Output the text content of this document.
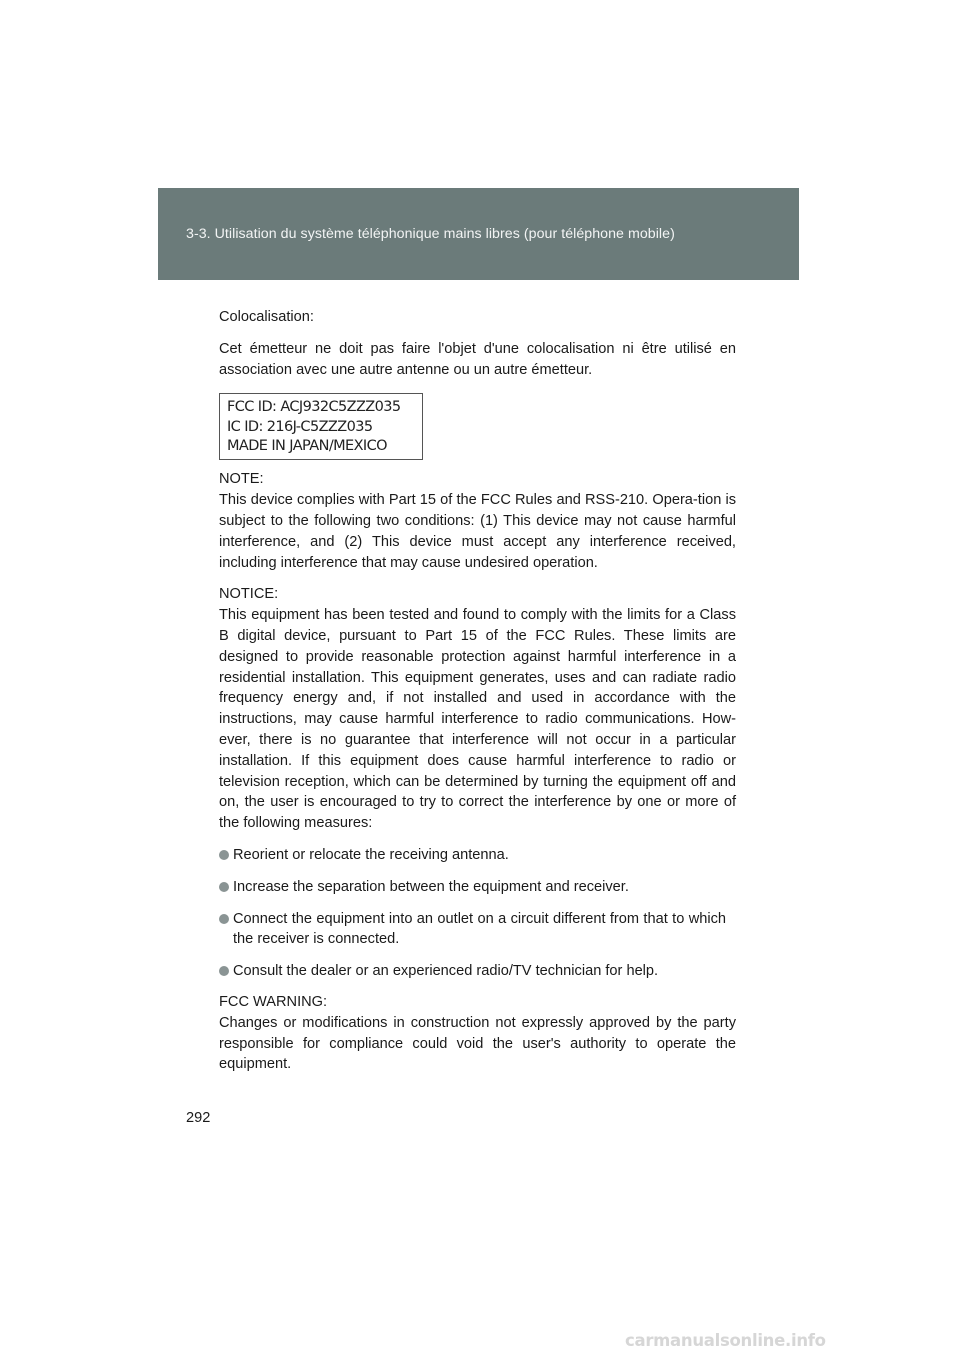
3-3. Utilisation du système téléphonique mains libres (pour téléphone mobile)

Colocalisation:

Cet émetteur ne doit pas faire l'objet d'une colocalisation ni être utilisé en association avec une autre antenne ou un autre émetteur.

FCC ID: ACJ932C5ZZZ035
IC ID: 216J-C5ZZZ035
MADE IN JAPAN/MEXICO

NOTE:

This device complies with Part 15 of the FCC Rules and RSS-210. Opera-tion is subject to the following two conditions: (1) This device may not cause harmful interference, and (2) This device must accept any interference received, including interference that may cause undesired operation.

NOTICE:

This equipment has been tested and found to comply with the limits for a Class B digital device, pursuant to Part 15 of the FCC Rules. These limits are designed to provide reasonable protection against harmful interference in a residential installation. This equipment generates, uses and can radiate radio frequency energy and, if not installed and used in accordance with the instructions, may cause harmful interference to radio communications. How-ever, there is no guarantee that interference will not occur in a particular installation. If this equipment does cause harmful interference to radio or television reception, which can be determined by turning the equipment off and on, the user is encouraged to try to correct the interference by one or more of the following measures:

Reorient or relocate the receiving antenna.
Increase the separation between the equipment and receiver.
Connect the equipment into an outlet on a circuit different from that to which the receiver is connected.
Consult the dealer or an experienced radio/TV technician for help.

FCC WARNING:

Changes or modifications in construction not expressly approved by the party responsible for compliance could void the user's authority to operate the equipment.

292
carmanualsonline.info
